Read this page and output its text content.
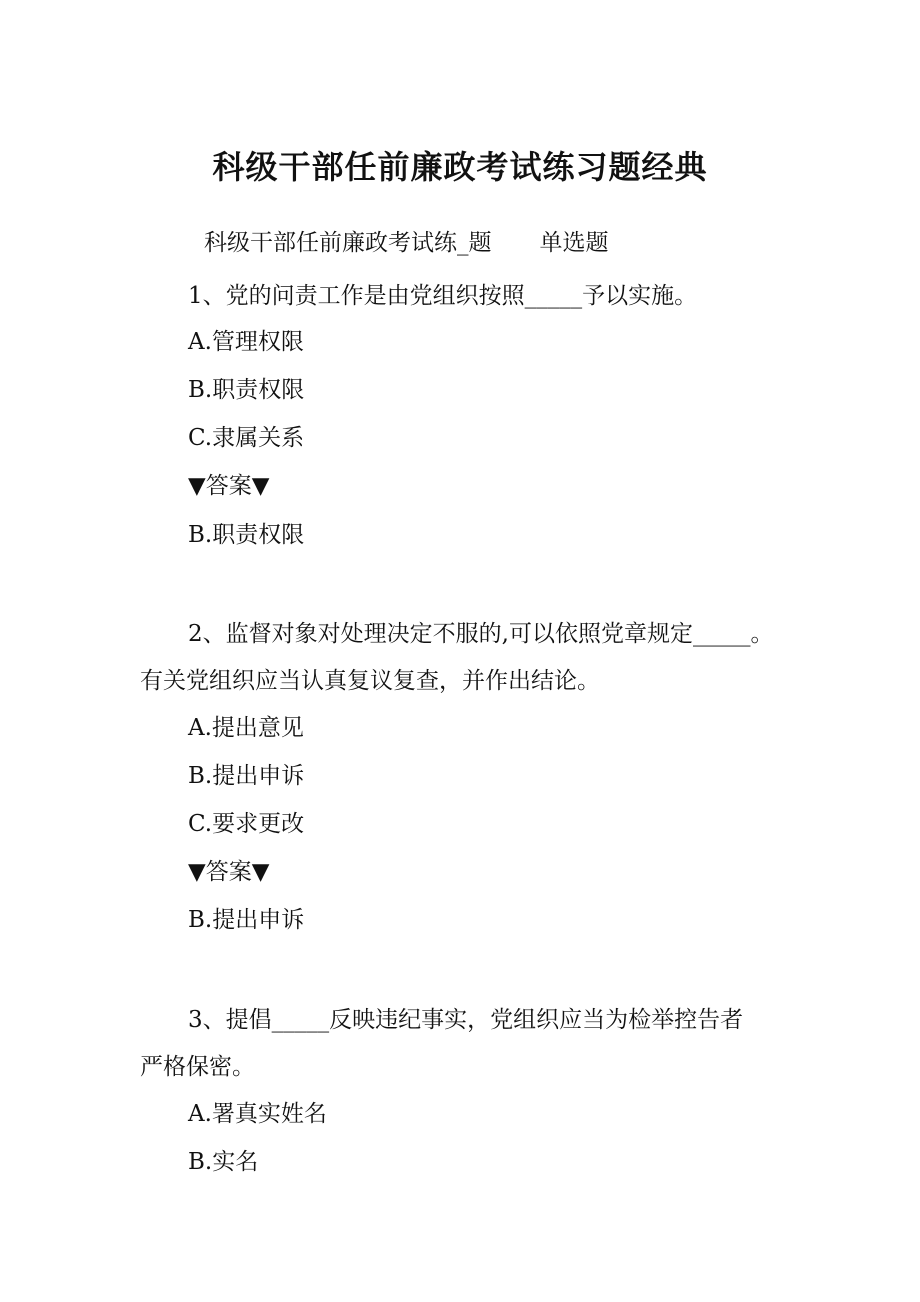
科级干部任前廉政考试练习题经典
科级干部任前廉政考试练_题 单选题
1、党的问责工作是由党组织按照_____予以实施。
A.管理权限
B.职责权限
C.隶属关系
▼答案▼
B.职责权限
2、监督对象对处理决定不服的,可以依照党章规定_____。
有关党组织应当认真复议复查，并作出结论。
A.提出意见
B.提出申诉
C.要求更改
▼答案▼
B.提出申诉
3、提倡_____反映违纪事实，党组织应当为检举控告者
严格保密。
A.署真实姓名
B.实名
